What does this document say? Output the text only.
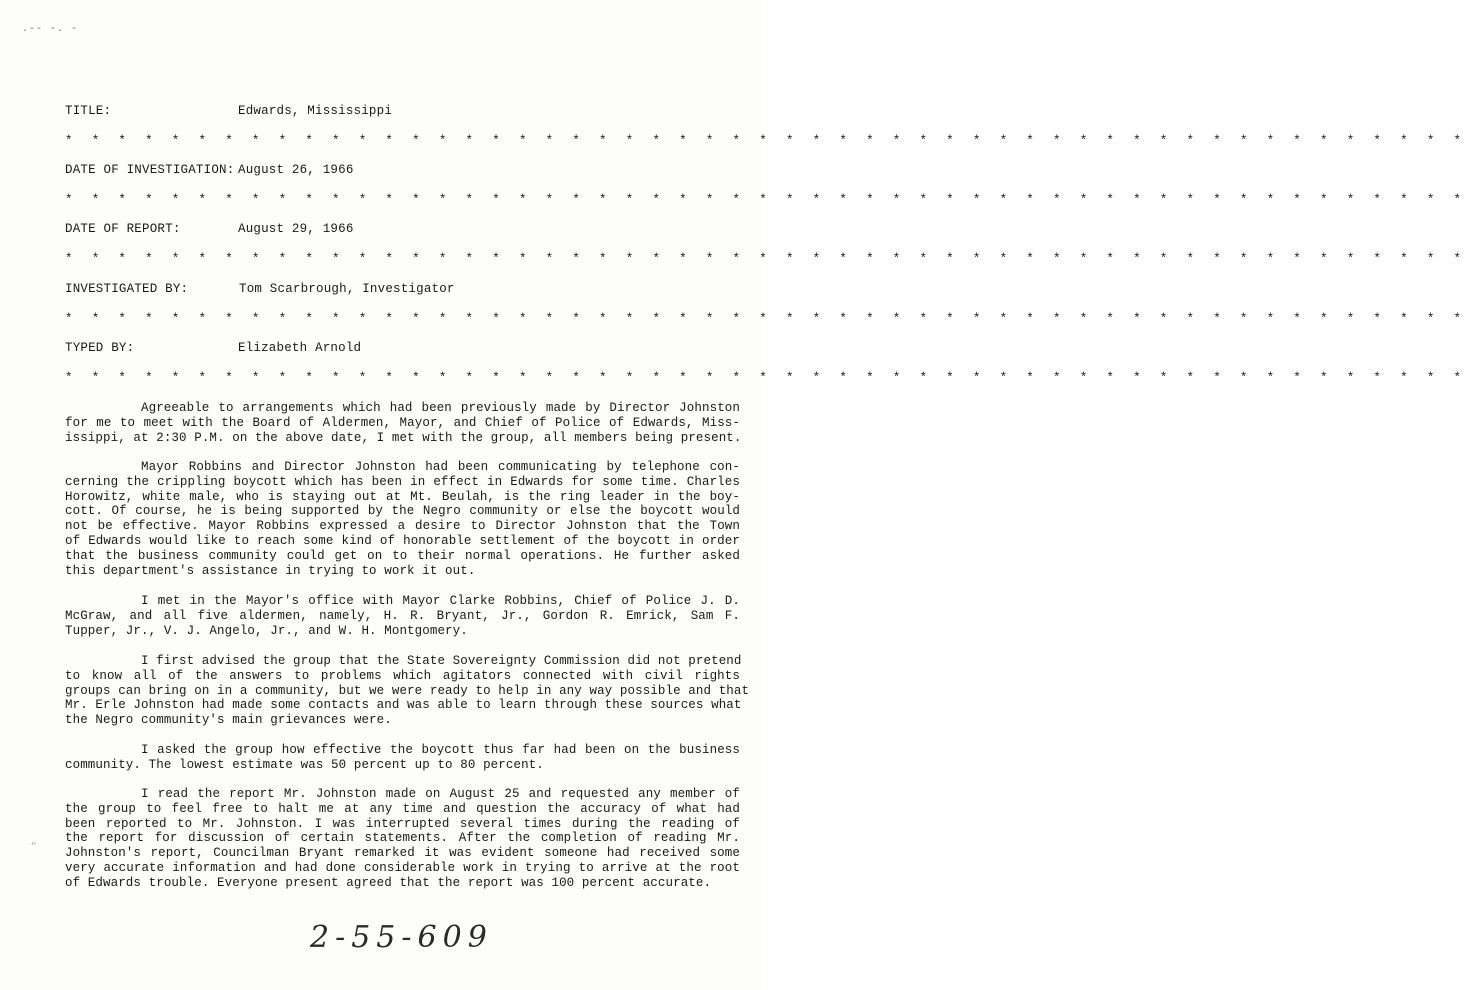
.-- -. -
TITLE:	Edwards, Mississippi
* * * * * * * * * * * * * * * * * * * * * * * * * * * * * * * * * * * * * * * * * * * * * * * * * * * * *
DATE OF INVESTIGATION: August 26, 1966
* * * * * * * * * * * * * * * * * * * * * * * * * * * * * * * * * * * * * * * * * * * * * * * * * * * * *
DATE OF REPORT:	August 29, 1966
* * * * * * * * * * * * * * * * * * * * * * * * * * * * * * * * * * * * * * * * * * * * * * * * * * * * *
INVESTIGATED BY:	Tom Scarbrough, Investigator
* * * * * * * * * * * * * * * * * * * * * * * * * * * * * * * * * * * * * * * * * * * * * * * * * * * * *
TYPED BY:	Elizabeth Arnold
* * * * * * * * * * * * * * * * * * * * * * * * * * * * * * * * * * * * * * * * * * * * * * * * * * * * *
Agreeable to arrangements which had been previously made by Director Johnston
for me to meet with the Board of Aldermen, Mayor, and Chief of Police of Edwards, Miss-
issippi, at 2:30 P.M. on the above date, I met with the group, all members being present.
Mayor Robbins and Director Johnston had been communicating by telephone con-
cerning the crippling boycott which has been in effect in Edwards for some time. Charles
Horowitz, white male, who is staying out at Mt. Beulah, is the ring leader in the boy-
cott. Of course, he is being supported by the Negro community or else the boycott would
not be effective. Mayor Robbins expressed a desire to Director Johnston that the Town
of Edwards would like to reach some kind of honorable settlement of the boycott in order
that the business community could get on to their normal operations. He further asked
this department's assistance in trying to work it out.
I met in the Mayor's office with Mayor Clarke Robbins, Chief of Police J. D.
McGraw, and all five aldermen, namely, H. R. Bryant, Jr., Gordon R. Emrick, Sam F.
Tupper, Jr., V. J. Angelo, Jr., and W. H. Montgomery.
I first advised the group that the State Sovereignty Commission did not pretend
to know all of the answers to problems which agitators connected with civil rights
groups can bring on in a community, but we were ready to help in any way possible and that
Mr. Erle Johnston had made some contacts and was able to learn through these sources what
the Negro community's main grievances were.
I asked the group how effective the boycott thus far had been on the business
community. The lowest estimate was 50 percent up to 80 percent.
I read the report Mr. Johnston made on August 25 and requested any member of
the group to feel free to halt me at any time and question the accuracy of what had
been reported to Mr. Johnston. I was interrupted several times during the reading of
the report for discussion of certain statements. After the completion of reading Mr.
Johnston's report, Councilman Bryant remarked it was evident someone had received some
very accurate information and had done considerable work in trying to arrive at the root
of Edwards trouble. Everyone present agreed that the report was 100 percent accurate.
ᵔ
2-55-609
